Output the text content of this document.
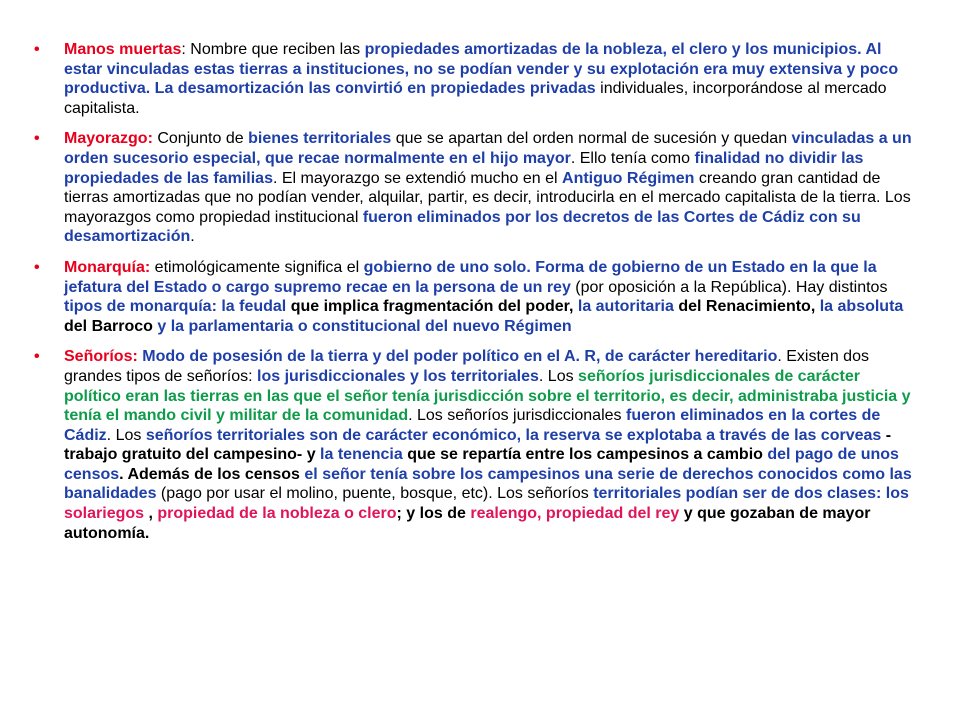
• Manos muertas: Nombre que reciben las propiedades amortizadas de la nobleza, el clero y los municipios. Al estar vinculadas estas tierras a instituciones, no se podían vender y su explotación era muy extensiva y poco productiva. La desamortización las convirtió en propiedades privadas individuales, incorporándose al mercado capitalista.
• Mayorazgo: Conjunto de bienes territoriales que se apartan del orden normal de sucesión y quedan vinculadas a un orden sucesorio especial, que recae normalmente en el hijo mayor. Ello tenía como finalidad no dividir las propiedades de las familias. El mayorazgo se extendió mucho en el Antiguo Régimen creando gran cantidad de tierras amortizadas que no podían vender, alquilar, partir, es decir, introducirla en el mercado capitalista de la tierra. Los mayorazgos como propiedad institucional fueron eliminados por los decretos de las Cortes de Cádiz con su desamortización.
• Monarquía: etimológicamente significa el gobierno de uno solo. Forma de gobierno de un Estado en la que la jefatura del Estado o cargo supremo recae en la persona de un rey (por oposición a la República). Hay distintos tipos de monarquía: la feudal que implica fragmentación del poder, la autoritaria del Renacimiento, la absoluta del Barroco y la parlamentaria o constitucional del nuevo Régimen
• Señoríos: Modo de posesión de la tierra y del poder político en el A. R, de carácter hereditario. Existen dos grandes tipos de señoríos: los jurisdiccionales y los territoriales. Los señoríos jurisdiccionales de carácter político eran las tierras en las que el señor tenía jurisdicción sobre el territorio, es decir, administraba justicia y tenía el mando civil y militar de la comunidad. Los señoríos jurisdiccionales fueron eliminados en la cortes de Cádiz. Los señoríos territoriales son de carácter económico, la reserva se explotaba a través de las corveas - trabajo gratuito del campesino- y la tenencia que se repartía entre los campesinos a cambio del pago de unos censos. Además de los censos el señor tenía sobre los campesinos una serie de derechos conocidos como las banalidades (pago por usar el molino, puente, bosque, etc). Los señoríos territoriales podían ser de dos clases: los solariegos , propiedad de la nobleza o clero; y los de realengo, propiedad del rey y que gozaban de mayor autonomía.
